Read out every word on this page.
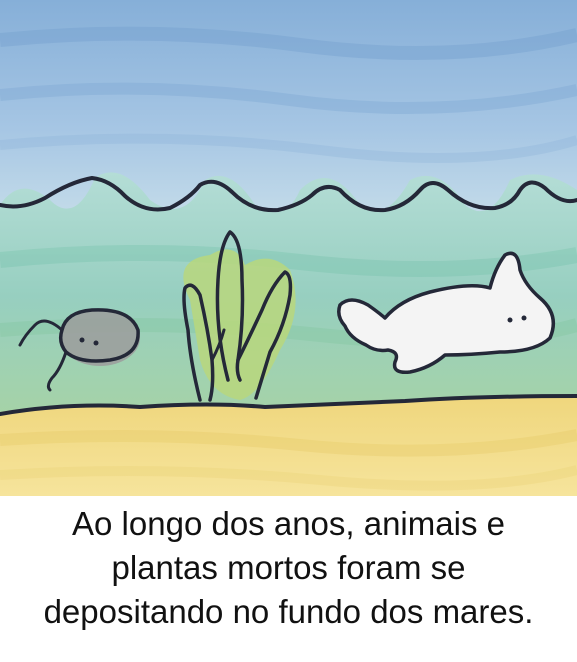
Ao longo dos anos, animais e
plantas mortos foram se
depositando no fundo dos mares.
